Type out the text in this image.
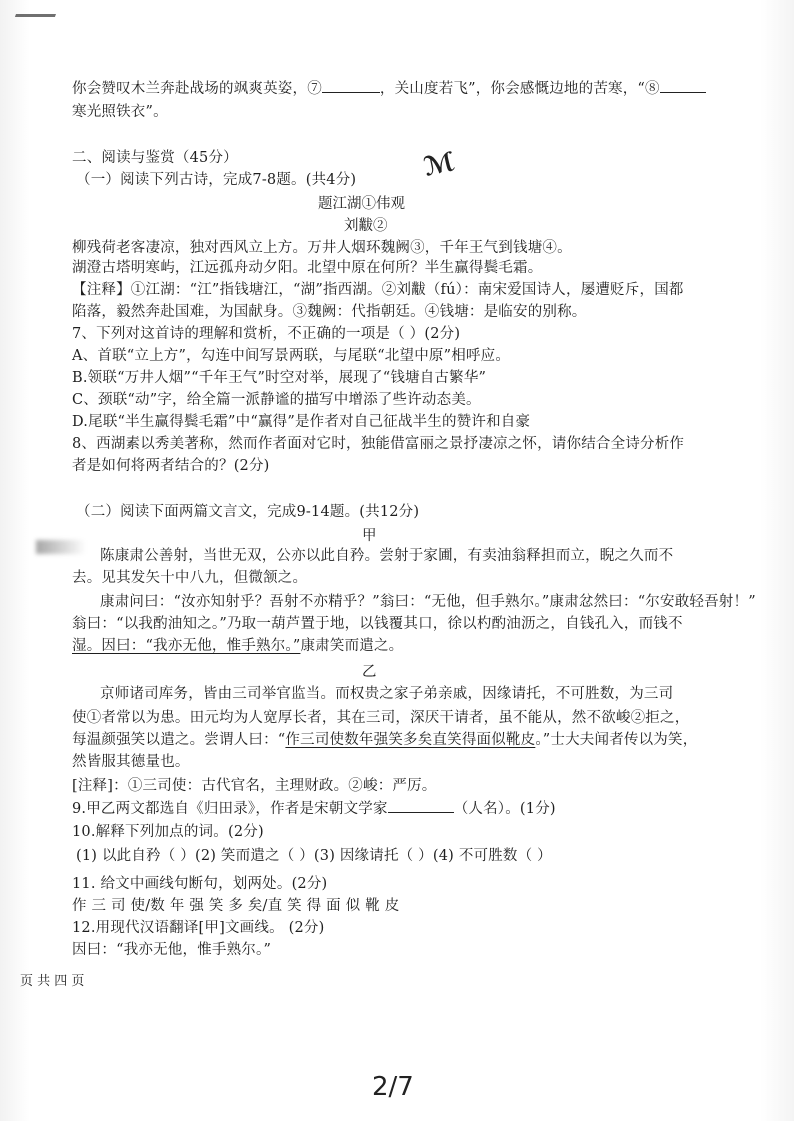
你会赞叹木兰奔赴战场的飒爽英姿，⑦	，关山度若飞”，你会感慨边地的苦寒，“⑧
寒光照铁衣”。
二、阅读与鉴赏（45分）	ℳ
（一）阅读下列古诗，完成7-8题。(共4分)
题江湖①伟观
刘黻②
柳残荷老客凄凉，独对西风立上方。万井人烟环魏阙③，千年王气到钱塘④。
湖澄古塔明寒屿，江远孤舟动夕阳。北望中原在何所？半生赢得鬓毛霜。
【注释】①江湖：“江”指钱塘江，“湖”指西湖。②刘黻（fú）：南宋爱国诗人，屡遭贬斥，国都
陷落，毅然奔赴国难，为国献身。③魏阙：代指朝廷。④钱塘：是临安的别称。
7、下列对这首诗的理解和赏析，不正确的一项是（ ）(2分)
A、首联“立上方”，勾连中间写景两联，与尾联“北望中原”相呼应。
B.领联“万井人烟”“千年王气”时空对举，展现了“钱塘自古繁华”
C、颈联“动”字，给全篇一派静谧的描写中增添了些许动态美。
D.尾联“半生赢得鬓毛霜”中“赢得”是作者对自己征战半生的赞许和自豪
8、西湖素以秀美著称，然而作者面对它时，独能借富丽之景抒凄凉之怀，请你结合全诗分析作
者是如何将两者结合的？(2分)
（二）阅读下面两篇文言文，完成9-14题。(共12分)
甲
陈康肃公善射，当世无双，公亦以此自矜。尝射于家圃，有卖油翁释担而立，睨之久而不
去。见其发矢十中八九，但微颔之。
康肃问曰：“汝亦知射乎？吾射不亦精乎？”翁曰：“无他，但手熟尔。”康肃忿然曰：“尔安敢轻吾射！”
翁曰：“以我酌油知之。”乃取一葫芦置于地，以钱覆其口，徐以杓酌油沥之，自钱孔入，而钱不
湿。因曰：“我亦无他，惟手熟尔。”康肃笑而遣之。
乙
京师诸司库务，皆由三司举官监当。而权贵之家子弟亲戚，因缘请托，不可胜数，为三司
使①者常以为患。田元均为人宽厚长者，其在三司，深厌干请者，虽不能从，然不欲峻②拒之，
每温颜强笑以遣之。尝谓人曰：“作三司使数年强笑多矣直笑得面似靴皮。”士大夫闻者传以为笑，
然皆服其德量也。
[注释]：①三司使：古代官名，主理财政。②峻：严厉。
9.甲乙两文都选自《归田录》，作者是宋朝文学家	（人名）。(1分)
10.解释下列加点的词。(2分)
(1) 以此自矜（ ）(2) 笑而遣之（ ）(3) 因缘请托（ ）(4) 不可胜数（ ）
11. 给文中画线句断句，划两处。(2分)
作 三 司 使/数 年 强 笑 多 矣/直 笑 得 面 似 靴 皮
12.用现代汉语翻译[甲]文画线。 (2分)
因曰：“我亦无他，惟手熟尔。”
页 共 四 页
2/7
